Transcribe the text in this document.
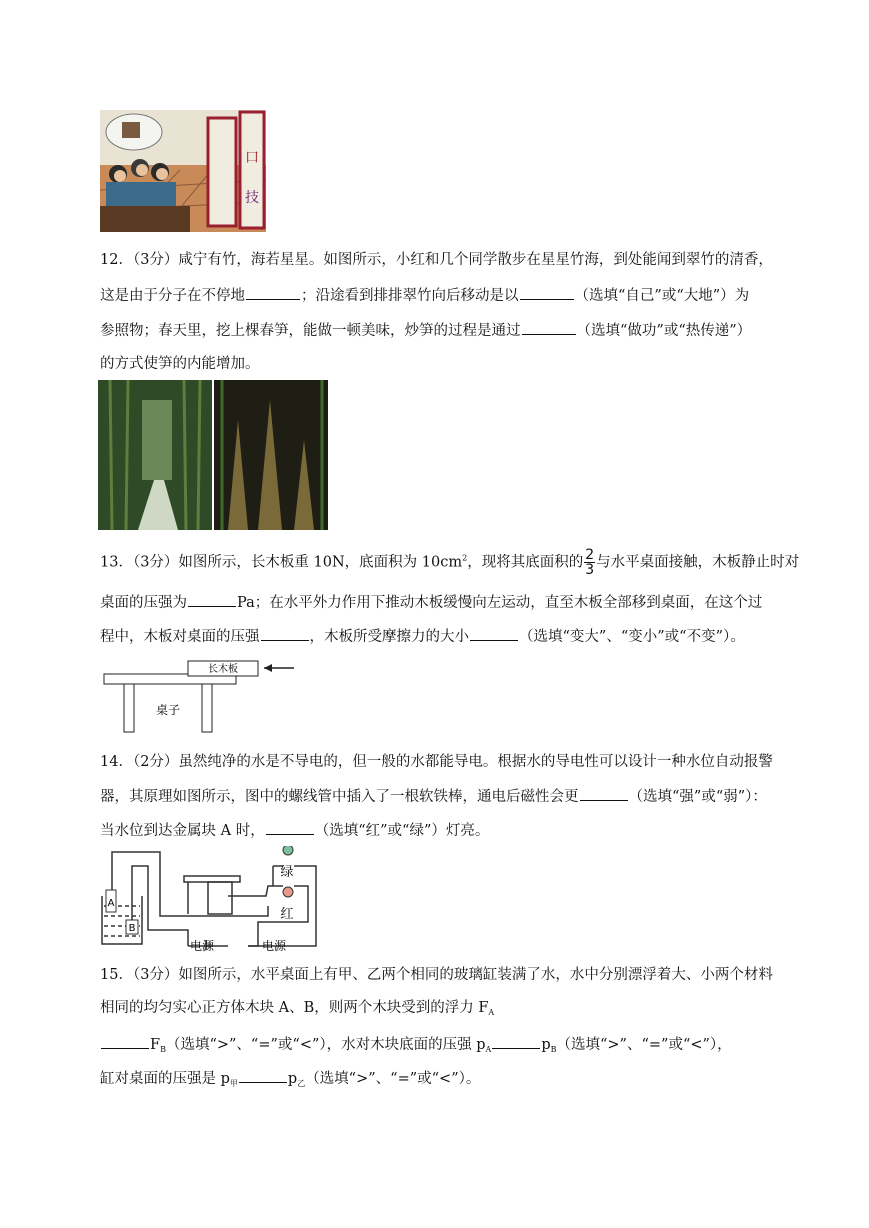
口
技
12．（3分）咸宁有竹，海若星星。如图所示，小红和几个同学散步在星星竹海，到处能闻到翠竹的清香，
这是由于分子在不停地	；沿途看到排排翠竹向后移动是以	（选填“自己”或“大地”）为
参照物；春天里，挖上棵春笋，能做一顿美味，炒笋的过程是通过	（选填“做功”或“热传递”）
的方式使笋的内能增加。
13．（3分）如图所示，长木板重 10N，底面积为 $10cm^2$，现将其底面积的 $\frac{2}{3}$ 与水平桌面接触，木板静止时对
桌面的压强为	Pa；在水平外力作用下推动木板缓慢向左运动，直至木板全部移到桌面，在这个过
程中，木板对桌面的压强	，木板所受摩擦力的大小	（选填“变大”、“变小”或“不变”）。
长木板
桌子
14．（2分）虽然纯净的水是不导电的，但一般的水都能导电。根据水的导电性可以设计一种水位自动报警
器，其原理如图所示，图中的螺线管中插入了一根软铁棒，通电后磁性会更	（选填“强”或“弱”）：
当水位到达金属块 A 时，	（选填“红”或“绿”）灯亮。
A
B
绿
红
电源	电源
15．（3分）如图所示，水平桌面上有甲、乙两个相同的玻璃缸装满了水，水中分别漂浮着大、小两个材料
相同的均匀实心正方体木块 A、B，则两个木块受到的浮力 $F_A$
$F_B$（选填“>”、“=”或“<”），水对木块底面的压强 $p_A$	$p_B$（选填“>”、“=”或“<”），
缸对桌面的压强是 $p_甲$	$p_乙$（选填“>”、“=”或“<”）。
